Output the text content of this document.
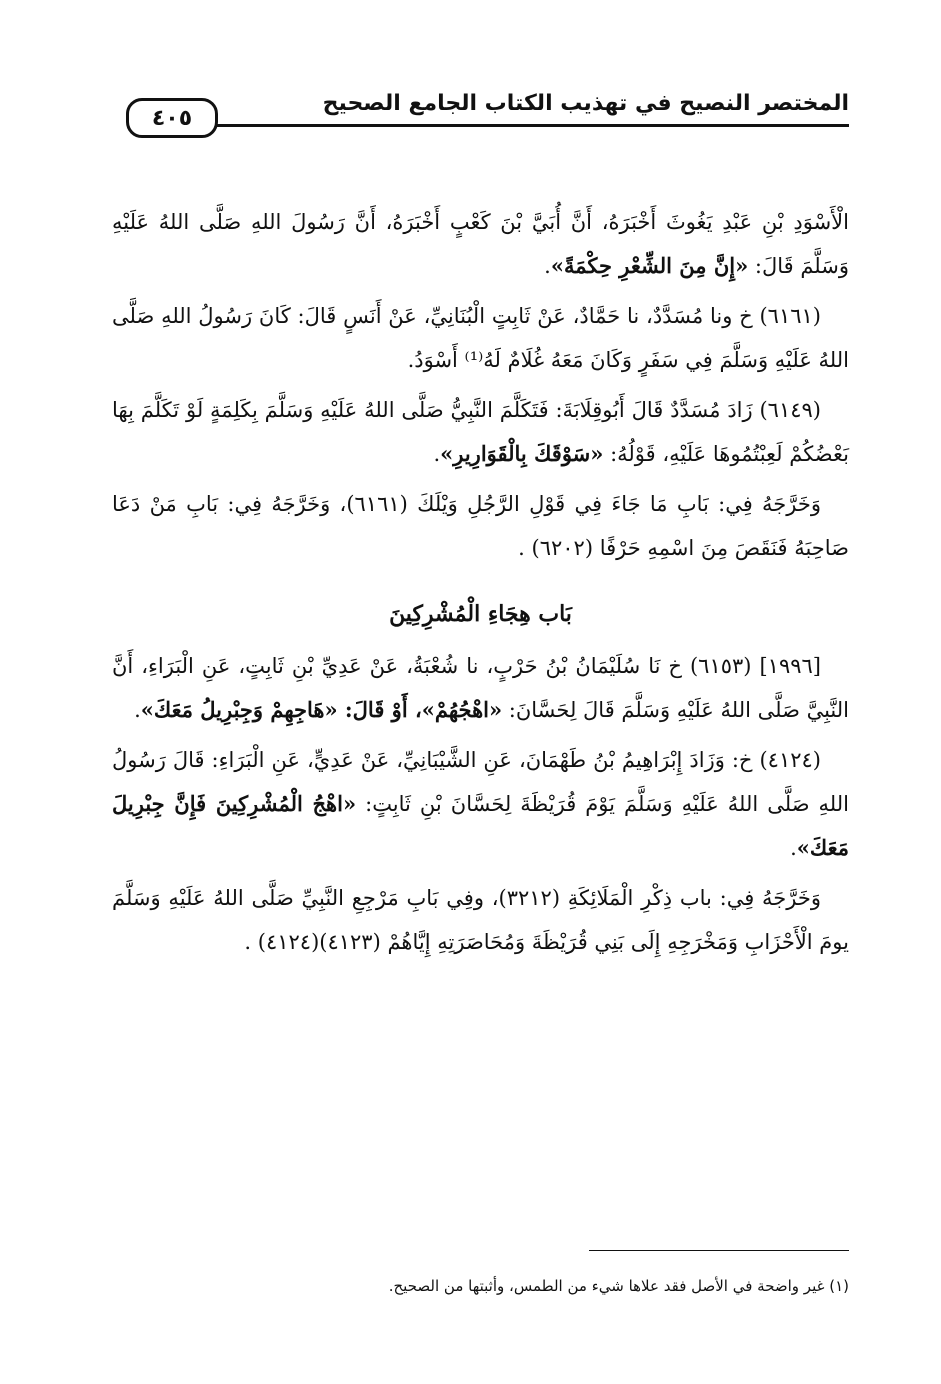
المختصر النصيح في تهذيب الكتاب الجامع الصحيح
٤٠٥

الْأَسْوَدِ بْنِ عَبْدِ يَغُوثَ أَخْبَرَهُ، أَنَّ أُبَيَّ بْنَ كَعْبٍ أَخْبَرَهُ، أَنَّ رَسُولَ اللهِ صَلَّى اللهُ عَلَيْهِ وَسَلَّمَ قَالَ: «إِنَّ مِنَ الشِّعْرِ حِكْمَةً».

(٦١٦١) خ ونا مُسَدَّدٌ، نا حَمَّادٌ، عَنْ ثَابِتٍ الْبُنَانِيِّ، عَنْ أَنَسٍ قَالَ: كَانَ رَسُولُ اللهِ صَلَّى اللهُ عَلَيْهِ وَسَلَّمَ فِي سَفَرٍ وَكَانَ مَعَهُ غُلَامٌ لَهُ⁽¹⁾ أَسْوَدُ.

(٦١٤٩) زَادَ مُسَدَّدٌ قَالَ أَبُوقِلَابَةَ: فَتَكَلَّمَ النَّبِيُّ صَلَّى اللهُ عَلَيْهِ وَسَلَّمَ بِكَلِمَةٍ لَوْ تَكَلَّمَ بِهَا بَعْضُكُمْ لَعِبْتُمُوهَا عَلَيْهِ، قَوْلُهُ: «سَوْقَكَ بِالْقَوَارِيرِ».

وَخَرَّجَهُ فِي: بَابِ مَا جَاءَ فِي قَوْلِ الرَّجُلِ وَيْلَكَ (٦١٦١)، وَخَرَّجَهُ فِي: بَابِ مَنْ دَعَا صَاحِبَهُ فَنَقَصَ مِنَ اسْمِهِ حَرْفًا (٦٢٠٢) .

بَاب هِجَاءِ الْمُشْرِكِينَ

[١٩٩٦] (٦١٥٣) خ نَا سُلَيْمَانُ بْنُ حَرْبٍ، نا شُعْبَةُ، عَنْ عَدِيِّ بْنِ ثَابِتٍ، عَنِ الْبَرَاءِ، أَنَّ النَّبِيَّ صَلَّى اللهُ عَلَيْهِ وَسَلَّمَ قَالَ لِحَسَّانَ: «اهْجُهُمْ»، أَوْ قَالَ: «هَاجِهِمْ وَجِبْرِيلُ مَعَكَ».

(٤١٢٤) خ: وَزَادَ إِبْرَاهِيمُ بْنُ طَهْمَانَ، عَنِ الشَّيْبَانِيِّ، عَنْ عَدِيٍّ، عَنِ الْبَرَاءِ: قَالَ رَسُولُ اللهِ صَلَّى اللهُ عَلَيْهِ وَسَلَّمَ يَوْمَ قُرَيْظَةَ لِحَسَّانَ بْنِ ثَابِتٍ: «اهْجُ الْمُشْرِكِينَ فَإِنَّ جِبْرِيلَ مَعَكَ».

وَخَرَّجَهُ فِي: باب ذِكْرِ الْمَلَائِكَةِ (٣٢١٢)، وفِي بَابِ مَرْجِعِ النَّبِيِّ صَلَّى اللهُ عَلَيْهِ وَسَلَّمَ يومَ الْأَحْزَابِ وَمَخْرَجِهِ إِلَى بَنِي قُرَيْظَةَ وَمُحَاصَرَتِهِ إِيَّاهُمْ (٤١٢٣)(٤١٢٤) .

(١) غير واضحة في الأصل فقد علاها شيء من الطمس، وأثبتها من الصحيح.
